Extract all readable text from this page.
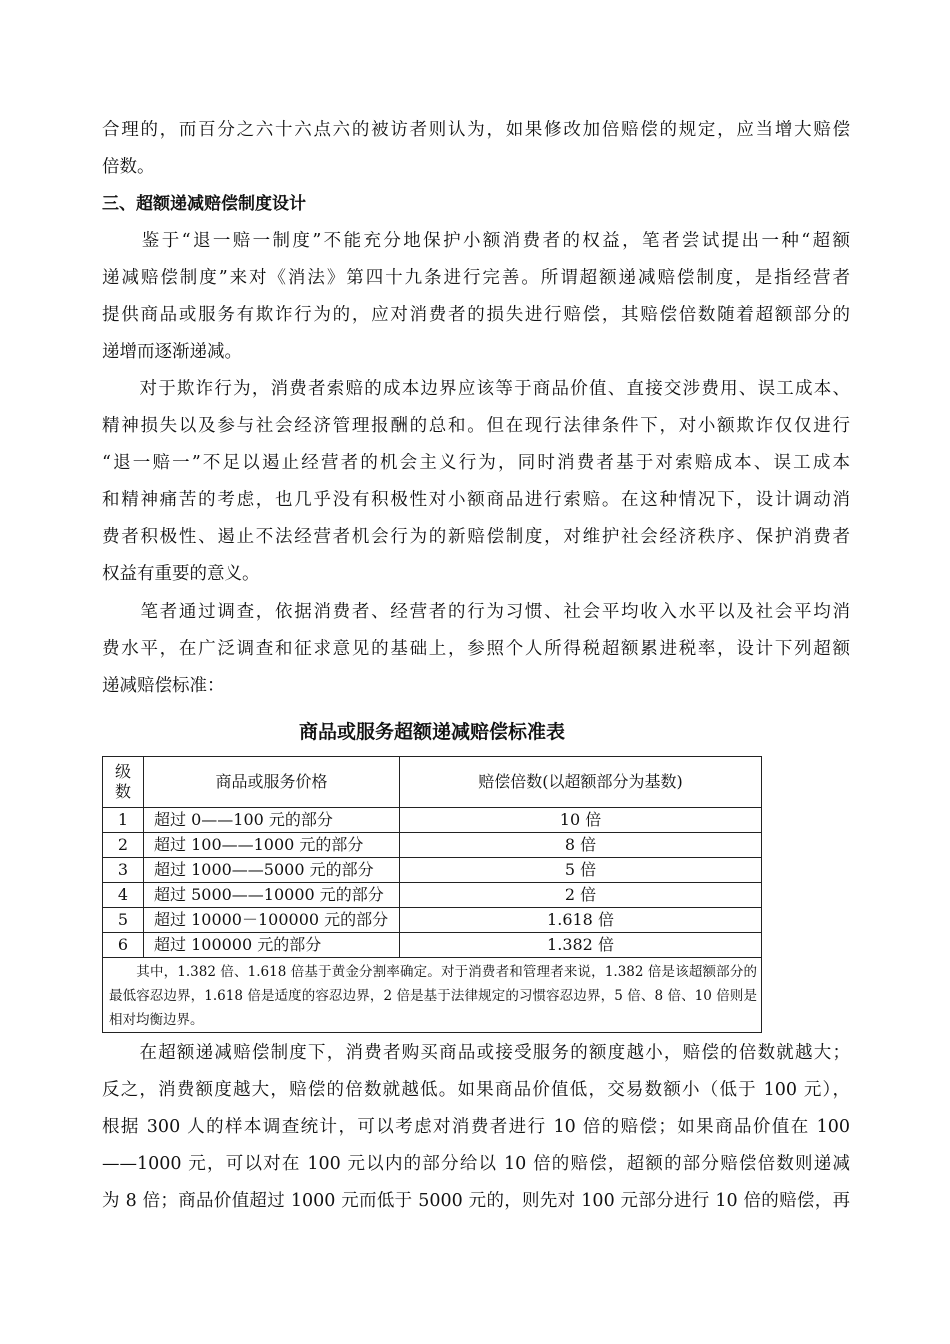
合理的，而百分之六十六点六的被访者则认为，如果修改加倍赔偿的规定，应当增大赔偿
倍数。
三、超额递减赔偿制度设计
　　鉴于“退一赔一制度”不能充分地保护小额消费者的权益，笔者尝试提出一种“超额
递减赔偿制度”来对《消法》第四十九条进行完善。所谓超额递减赔偿制度，是指经营者
提供商品或服务有欺诈行为的，应对消费者的损失进行赔偿，其赔偿倍数随着超额部分的
递增而逐渐递减。
　　对于欺诈行为，消费者索赔的成本边界应该等于商品价值、直接交涉费用、误工成本、
精神损失以及参与社会经济管理报酬的总和。但在现行法律条件下，对小额欺诈仅仅进行
“退一赔一”不足以遏止经营者的机会主义行为，同时消费者基于对索赔成本、误工成本
和精神痛苦的考虑，也几乎没有积极性对小额商品进行索赔。在这种情况下，设计调动消
费者积极性、遏止不法经营者机会行为的新赔偿制度，对维护社会经济秩序、保护消费者
权益有重要的意义。
　　笔者通过调查，依据消费者、经营者的行为习惯、社会平均收入水平以及社会平均消
费水平，在广泛调查和征求意见的基础上，参照个人所得税超额累进税率，设计下列超额
递减赔偿标准：
商品或服务超额递减赔偿标准表
级
数	商品或服务价格	赔偿倍数(以超额部分为基数)
1	超过 0——100 元的部分	10 倍
2	超过 100——1000 元的部分	8 倍
3	超过 1000——5000 元的部分	5 倍
4	超过 5000——10000 元的部分	2 倍
5	超过 10000－100000 元的部分	1.618 倍
6	超过 100000 元的部分	1.382 倍
　　其中，1.382 倍、1.618 倍基于黄金分割率确定。对于消费者和管理者来说，1.382 倍是该超额部分的最低容忍边界，1.618 倍是适度的容忍边界，2 倍是基于法律规定的习惯容忍边界，5 倍、8 倍、10 倍则是相对均衡边界。		
　　在超额递减赔偿制度下，消费者购买商品或接受服务的额度越小，赔偿的倍数就越大；
反之，消费额度越大，赔偿的倍数就越低。如果商品价值低，交易数额小（低于 100 元），
根据 300 人的样本调查统计，可以考虑对消费者进行 10 倍的赔偿；如果商品价值在 100
——1000 元，可以对在 100 元以内的部分给以 10 倍的赔偿，超额的部分赔偿倍数则递减
为 8 倍；商品价值超过 1000 元而低于 5000 元的，则先对 100 元部分进行 10 倍的赔偿，再
